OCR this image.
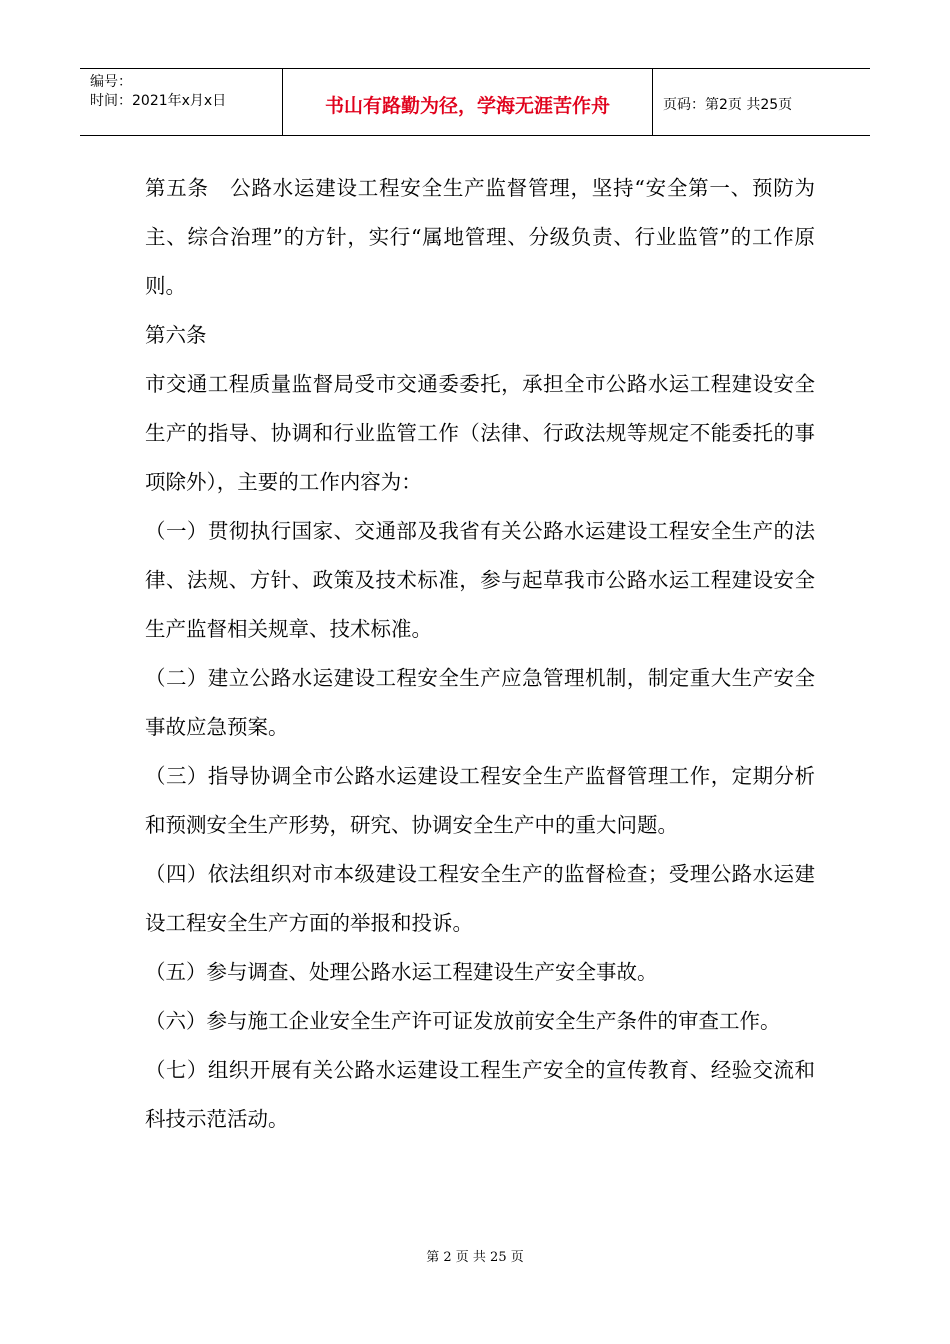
编号：
时间：2021年x月x日	书山有路勤为径，学海无涯苦作舟	页码：第2页 共25页

第五条　公路水运建设工程安全生产监督管理，坚持“安全第一、预防为主、综合治理”的方针，实行“属地管理、分级负责、行业监管”的工作原则。

第六条

市交通工程质量监督局受市交通委委托，承担全市公路水运工程建设安全生产的指导、协调和行业监管工作（法律、行政法规等规定不能委托的事项除外），主要的工作内容为：

（一）贯彻执行国家、交通部及我省有关公路水运建设工程安全生产的法律、法规、方针、政策及技术标准，参与起草我市公路水运工程建设安全生产监督相关规章、技术标准。

（二）建立公路水运建设工程安全生产应急管理机制，制定重大生产安全事故应急预案。

（三）指导协调全市公路水运建设工程安全生产监督管理工作，定期分析和预测安全生产形势，研究、协调安全生产中的重大问题。

（四）依法组织对市本级建设工程安全生产的监督检查；受理公路水运建设工程安全生产方面的举报和投诉。

（五）参与调查、处理公路水运工程建设生产安全事故。

（六）参与施工企业安全生产许可证发放前安全生产条件的审查工作。

（七）组织开展有关公路水运建设工程生产安全的宣传教育、经验交流和科技示范活动。

第 2 页 共 25 页
